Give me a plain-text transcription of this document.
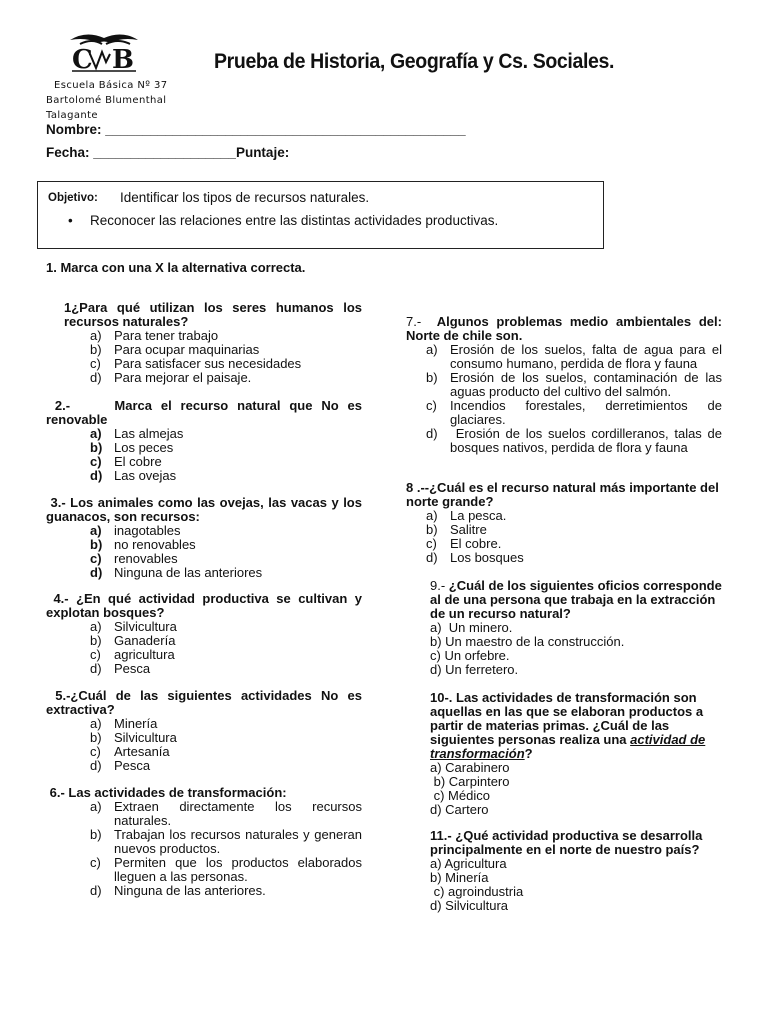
C B	Prueba de Historia, Geografía y Cs. Sociales.
Escuela Básica Nº 37
Bartolomé Blumenthal
Talagante
Nombre: ________________________________________________
Fecha: ___________________Puntaje:
Objetivo: Identificar los tipos de recursos naturales.
• Reconocer las relaciones entre las distintas actividades productivas.
1. Marca con una X la alternativa correcta.
1¿Para qué utilizan los seres humanos los recursos naturales?
a) Para tener trabajo
b) Para ocupar maquinarias
c)	Para satisfacer sus necesidades
d) Para mejorar el paisaje.
2.-     Marca el recurso natural que No es renovable
a) Las almejas
b) Los peces
c) El cobre
d) Las ovejas
3.- Los animales como las ovejas, las vacas y los guanacos, son recursos:
a) inagotables
b) no renovables
c) renovables
d) Ninguna de las anteriores
4.- ¿En qué actividad productiva se cultivan y explotan bosques?
a) Silvicultura
b) Ganadería
c)	agricultura
d) Pesca
5.-¿Cuál de las siguientes actividades No es extractiva?
a) Minería
b) Silvicultura
c)	Artesanía
d) Pesca
6.- Las actividades de transformación:
a) Extraen directamente los recursos naturales.
b) Trabajan los recursos naturales y generan nuevos productos.
c)	Permiten que los productos elaborados lleguen a las personas.
d) Ninguna de las anteriores.
7.-  Algunos problemas medio ambientales del: Norte de chile son.
a) Erosión de los suelos, falta de agua para el consumo humano, perdida de flora y fauna
b) Erosión de los suelos, contaminación de las aguas producto del cultivo del salmón.
c)	Incendios forestales, derretimientos de glaciares.
d) Erosión de los suelos cordilleranos, talas de bosques nativos, perdida de flora y fauna
8 .--¿Cuál es el recurso natural más importante del norte grande?
a) La pesca.
b) Salitre
c)	El cobre.
d) Los bosques
9.- ¿Cuál de los siguientes oficios corresponde al de una persona que trabaja en la extracción de un recurso natural?
a)  Un minero.
b) Un maestro de la construcción.
c) Un orfebre.
d) Un ferretero.
10-. Las actividades de transformación son aquellas en las que se elaboran productos a partir de materias primas. ¿Cuál de las siguientes personas realiza una actividad de transformación?
a) Carabinero
b) Carpintero
c) Médico
d) Cartero
11.- ¿Qué actividad productiva se desarrolla principalmente en el norte de nuestro país?
a) Agricultura
b) Minería
c) agroindustria
d) Silvicultura
